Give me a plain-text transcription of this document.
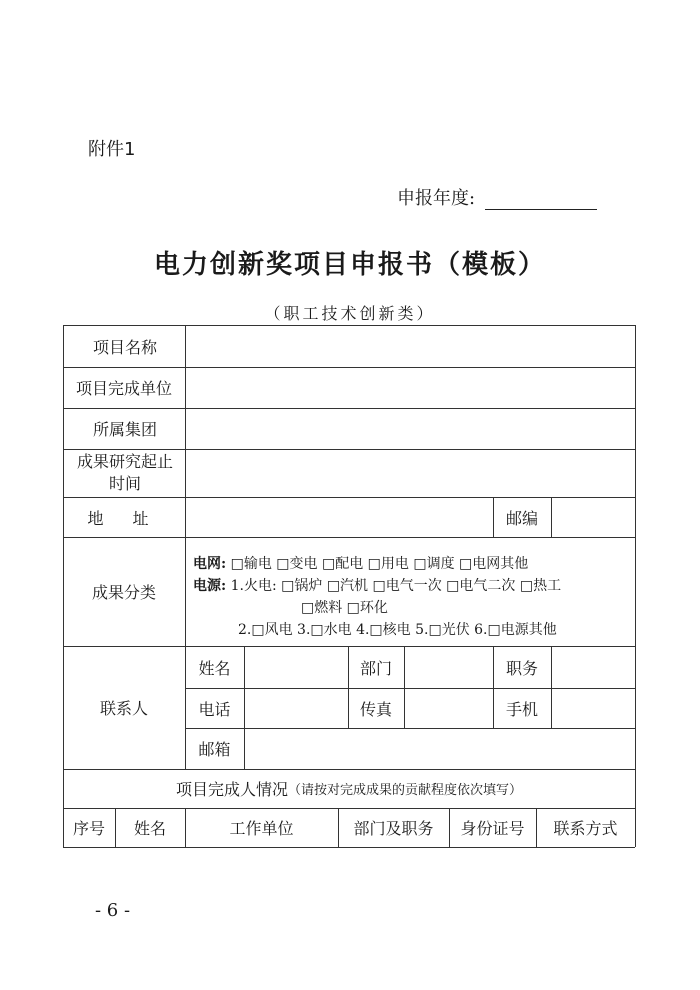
附件1
申报年度:
电力创新奖项目申报书（模板）
（职工技术创新类）
项目名称
项目完成单位
所属集团
成果研究起止时间
地 址	邮编
成果分类
电网: □输电 □变电 □配电 □用电 □调度 □电网其他
电源: 1.火电: □锅炉 □汽机 □电气一次 □电气二次 □热工
□燃料 □环化
2.□风电 3.□水电 4.□核电 5.□光伏 6.□电源其他
联系人
姓名	部门	职务
电话	传真	手机
邮箱
项目完成人情况 （请按对完成成果的贡献程度依次填写）
序号	姓名	工作单位	部门及职务	身份证号	联系方式
- 6 -
